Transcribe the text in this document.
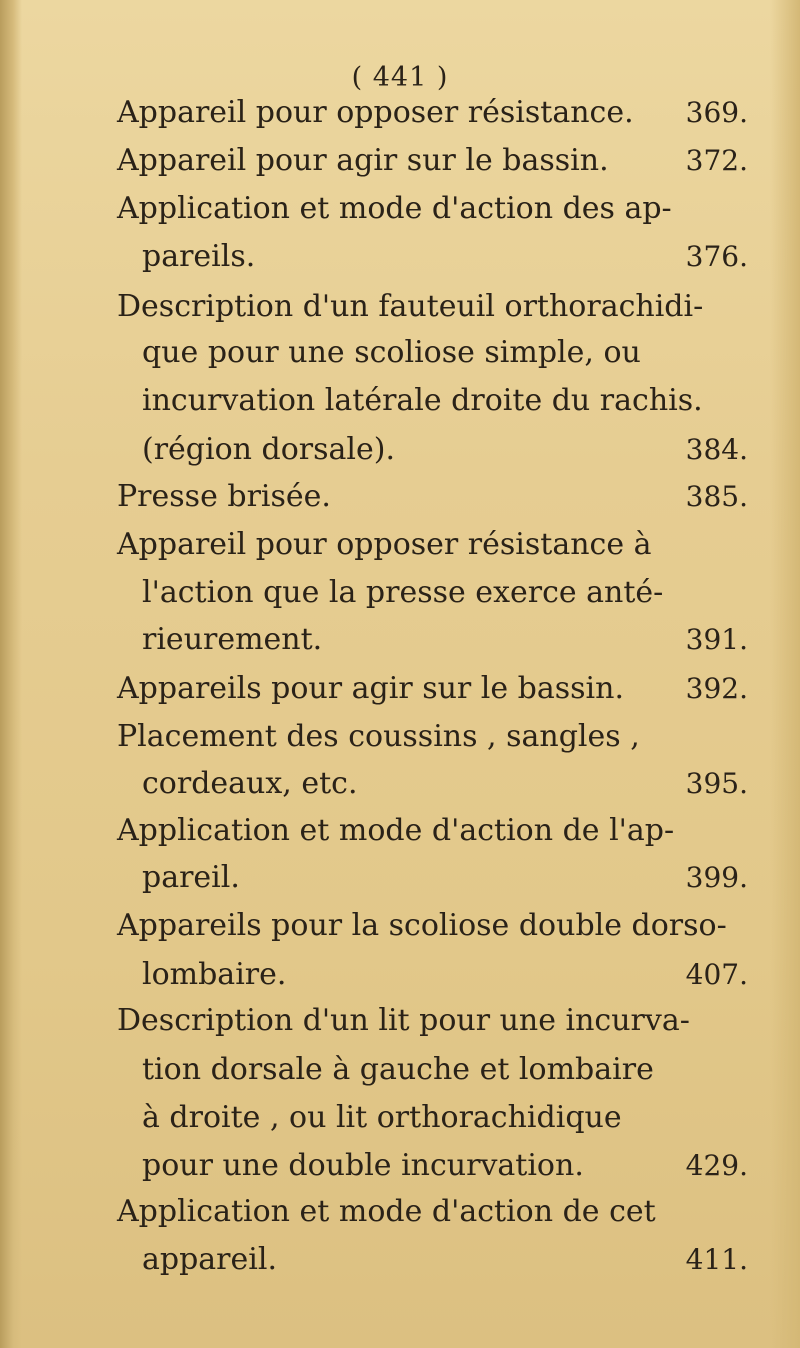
( 441 )
Appareil pour opposer résistance. 369.
Appareil pour agir sur le bassin.	372.
Application et mode d'action des ap-
pareils.	376.
Description d'un fauteuil orthorachidi-
que pour une scoliose simple, ou
incurvation latérale droite du rachis.
(région dorsale).	384.
Presse brisée.	385.
Appareil pour opposer résistance à
l'action que la presse exerce anté-
rieurement.	391.
Appareils pour agir sur le bassin. 392.
Placement des coussins , sangles ,
cordeaux, etc.	395.
Application et mode d'action de l'ap-
pareil.	399.
Appareils pour la scoliose double dorso-
lombaire.	407.
Description d'un lit pour une incurva-
tion dorsale à gauche et lombaire
à droite , ou lit orthorachidique
pour une double incurvation.	429.
Application et mode d'action de cet
appareil.	411.
